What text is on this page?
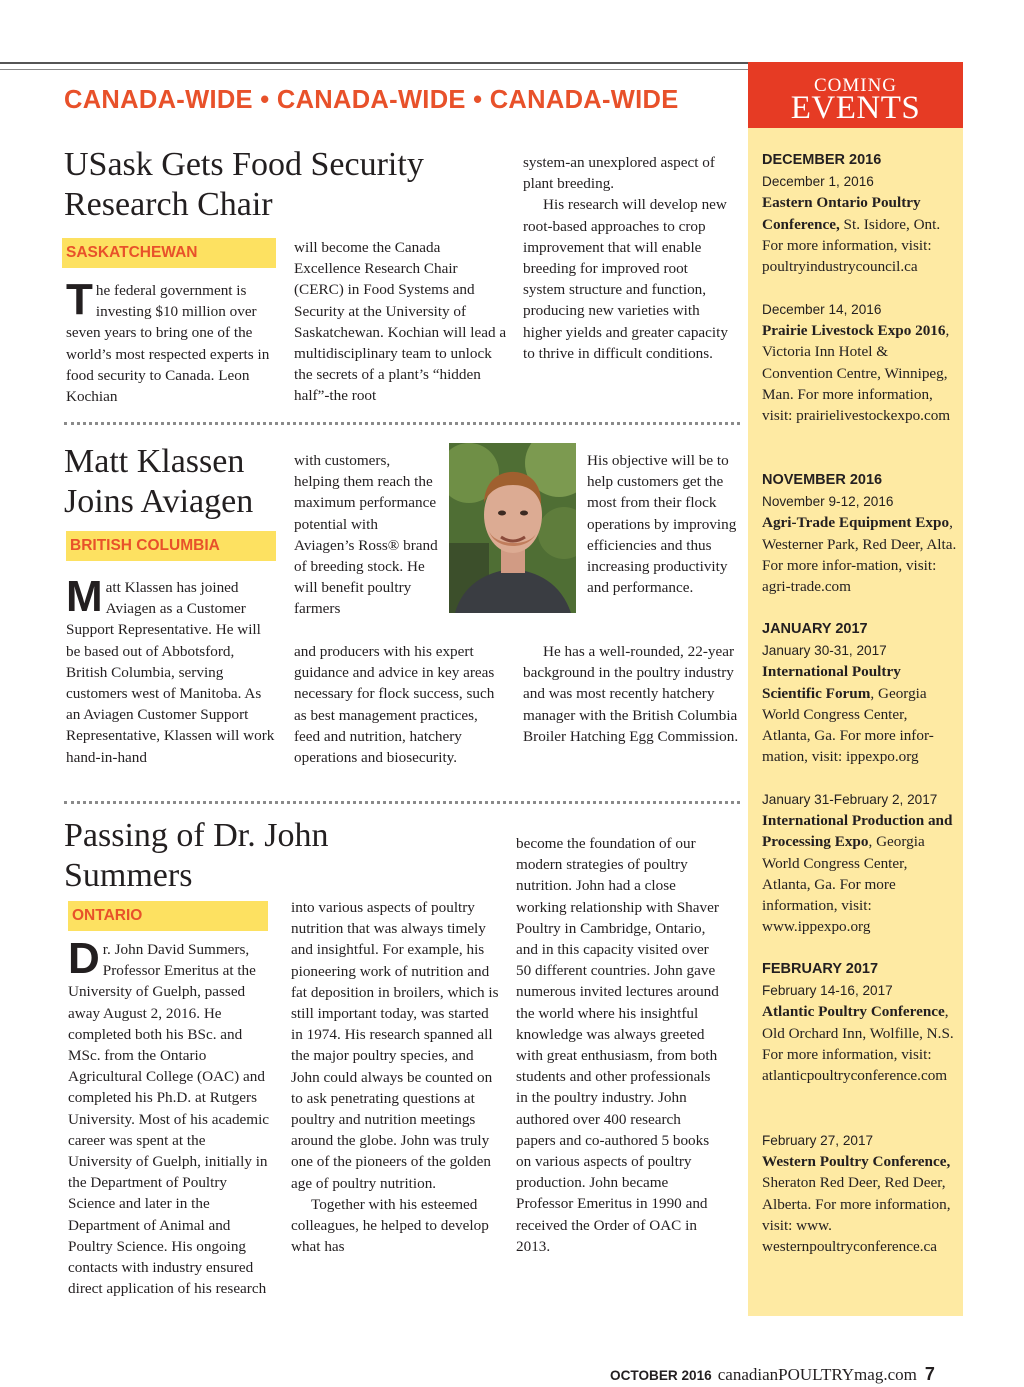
CANADA-WIDE • CANADA-WIDE • CANADA-WIDE
COMING
EVENTS
DECEMBER 2016
December 1, 2016
Eastern Ontario Poultry Conference, St. Isidore, Ont. For more information, visit: poultryindustrycouncil.ca
December 14, 2016
Prairie Livestock Expo 2016, Victoria Inn Hotel & Convention Centre, Winnipeg, Man. For more information, visit: prairielivestockexpo.com
NOVEMBER 2016
November 9-12, 2016
Agri-Trade Equipment Expo, Westerner Park, Red Deer, Alta. For more infor-mation, visit: agri-trade.com
JANUARY 2017
January 30-31, 2017
International Poultry Scientific Forum, Georgia World Congress Center, Atlanta, Ga. For more infor-mation, visit: ippexpo.org
January 31-February 2, 2017
International Production and Processing Expo, Georgia World Congress Center, Atlanta, Ga. For more information, visit: www.ippexpo.org
FEBRUARY 2017
February 14-16, 2017
Atlantic Poultry Conference, Old Orchard Inn, Wolfille, N.S. For more information, visit: atlanticpoultryconference.com
February 27, 2017
Western Poultry Conference, Sheraton Red Deer, Red Deer, Alberta. For more information, visit: www. westernpoultryconference.ca
USask Gets Food Security Research Chair
SASKATCHEWAN
The federal government is investing $10 million over seven years to bring one of the world’s most respected experts in food security to Canada. Leon Kochian

will become the Canada Excellence Research Chair (CERC) in Food Systems and Security at the University of Saskatchewan. Kochian will lead a multidisciplinary team to unlock the secrets of a plant’s “hidden half”-the root

system-an unexplored aspect of plant breeding.

His research will develop new root-based approaches to crop improvement that will enable breeding for improved root system structure and function, producing new varieties with higher yields and greater capacity to thrive in difficult conditions.

Matt Klassen Joins Aviagen
BRITISH COLUMBIA
Matt Klassen has joined Aviagen as a Customer Support Representative. He will be based out of Abbotsford, British Columbia, serving customers west of Manitoba. As an Aviagen Customer Support Representative, Klassen will work hand-in-hand

with customers, helping them reach the maximum performance potential with Aviagen’s Ross® brand of breeding stock. He will benefit poultry farmers

and producers with his expert guidance and advice in key areas necessary for flock success, such as best management practices, feed and nutrition, hatchery operations and biosecurity.

His objective will be to help customers get the most from their flock operations by improving efficiencies and thus increasing productivity and performance.

He has a well-rounded, 22-year background in the poultry industry and was most recently hatchery manager with the British Columbia Broiler Hatching Egg Commission.

Passing of Dr. John Summers
ONTARIO
Dr. John David Summers, Professor Emeritus at the University of Guelph, passed away August 2, 2016. He completed both his BSc. and MSc. from the Ontario Agricultural College (OAC) and completed his Ph.D. at Rutgers University. Most of his academic career was spent at the University of Guelph, initially in the Department of Poultry Science and later in the Department of Animal and Poultry Science. His ongoing contacts with industry ensured direct application of his research

into various aspects of poultry nutrition that was always timely and insightful. For example, his pioneering work of nutrition and fat deposition in broilers, which is still important today, was started in 1974. His research spanned all the major poultry species, and John could always be counted on to ask penetrating questions at poultry and nutrition meetings around the globe. John was truly one of the pioneers of the golden age of poultry nutrition.

Together with his esteemed colleagues, he helped to develop what has

become the foundation of our modern strategies of poultry nutrition. John had a close working relationship with Shaver Poultry in Cambridge, Ontario, and in this capacity visited over 50 different countries. John gave numerous invited lectures around the world where his insightful knowledge was always greeted with great enthusiasm, from both students and other professionals in the poultry industry. John authored over 400 research papers and co-authored 5 books on various aspects of poultry production. John became Professor Emeritus in 1990 and received the Order of OAC in 2013.

OCTOBER 2016 canadianPOULTRYmag.com 7
